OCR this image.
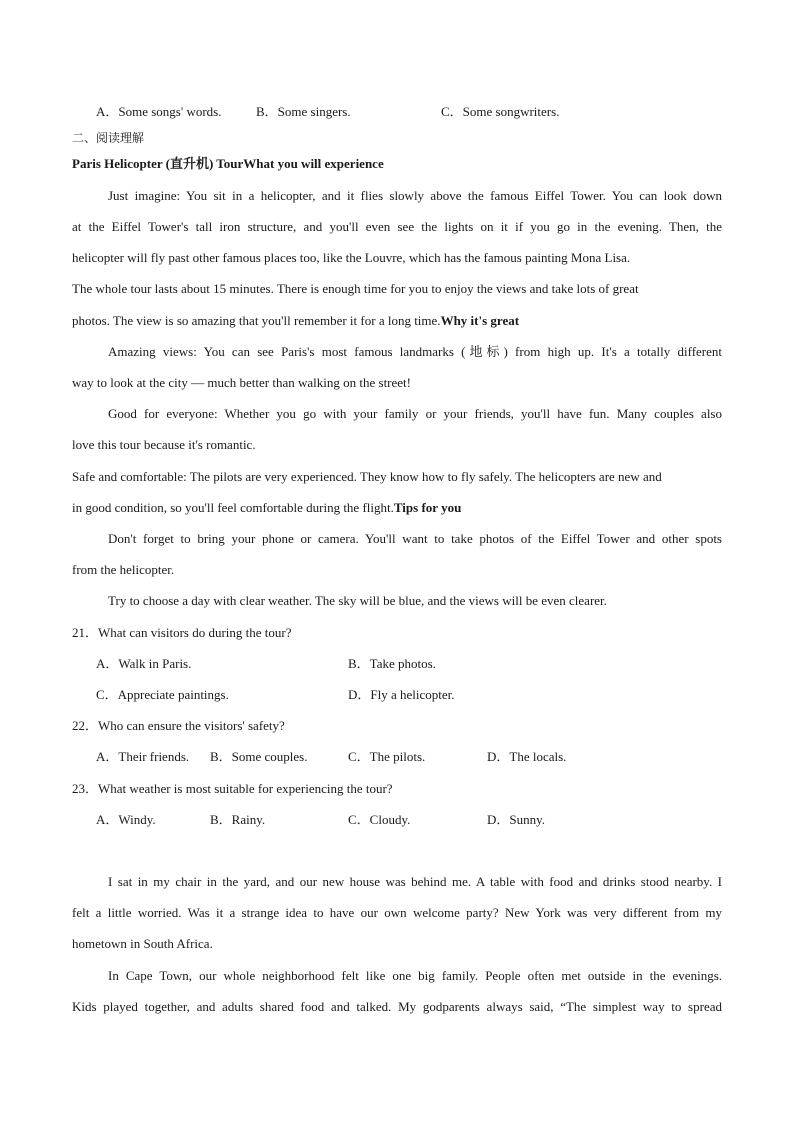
A．Some songs' words.	B．Some singers.	C．Some songwriters.
二、阅读理解
Paris Helicopter (直升机) TourWhat you will experience
Just imagine: You sit in a helicopter, and it flies slowly above the famous Eiffel Tower. You can look down
at the Eiffel Tower's tall iron structure, and you'll even see the lights on it if you go in the evening. Then, the
helicopter will fly past other famous places too, like the Louvre, which has the famous painting Mona Lisa.
The whole tour lasts about 15 minutes. There is enough time for you to enjoy the views and take lots of great
photos. The view is so amazing that you'll remember it for a long time.Why it's great
Amazing views: You can see Paris's most famous landmarks (地标) from high up. It's a totally different
way to look at the city — much better than walking on the street!
Good for everyone: Whether you go with your family or your friends, you'll have fun. Many couples also
love this tour because it's romantic.
Safe and comfortable: The pilots are very experienced. They know how to fly safely. The helicopters are new and
in good condition, so you'll feel comfortable during the flight.Tips for you
Don't forget to bring your phone or camera. You'll want to take photos of the Eiffel Tower and other spots
from the helicopter.
Try to choose a day with clear weather. The sky will be blue, and the views will be even clearer.
21．What can visitors do during the tour?
A．Walk in Paris.	B．Take photos.
C．Appreciate paintings.	D．Fly a helicopter.
22．Who can ensure the visitors' safety?
A．Their friends. B．Some couples.	C．The pilots.	D．The locals.
23．What weather is most suitable for experiencing the tour?
A．Windy.	B．Rainy.	C．Cloudy.	D．Sunny.
I sat in my chair in the yard, and our new house was behind me. A table with food and drinks stood nearby. I
felt a little worried. Was it a strange idea to have our own welcome party? New York was very different from my
hometown in South Africa.
In Cape Town, our whole neighborhood felt like one big family. People often met outside in the evenings.
Kids played together, and adults shared food and talked. My godparents always said, “The simplest way to spread
